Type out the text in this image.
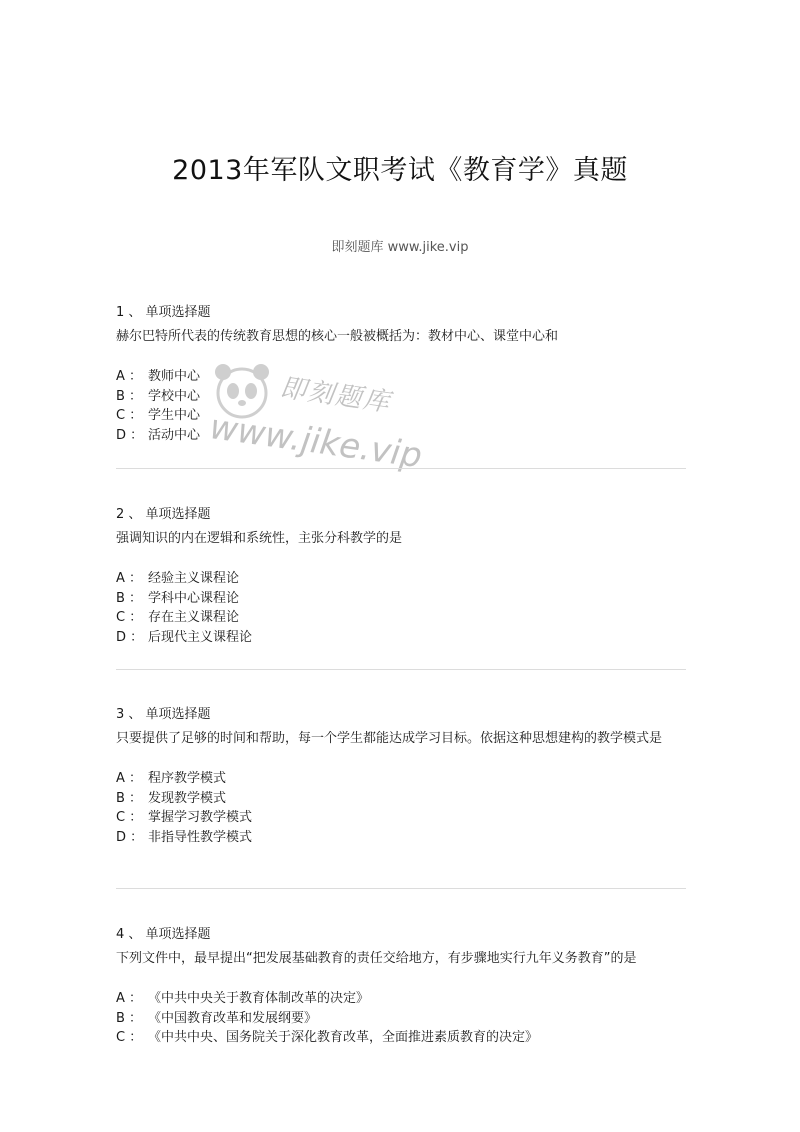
2013年军队文职考试《教育学》真题
即刻题库 www.jike.vip
即刻题库
www.jike.vip
1 、 单项选择题
赫尔巴特所代表的传统教育思想的核心一般被概括为：教材中心、课堂中心和
A ： 教师中心
B ： 学校中心
C ： 学生中心
D ： 活动中心
2 、 单项选择题
强调知识的内在逻辑和系统性，主张分科教学的是
A ： 经验主义课程论
B ： 学科中心课程论
C ： 存在主义课程论
D ： 后现代主义课程论
3 、 单项选择题
只要提供了足够的时间和帮助，每一个学生都能达成学习目标。依据这种思想建构的教学模式是
A ： 程序教学模式
B ： 发现教学模式
C ： 掌握学习教学模式
D ： 非指导性教学模式
4 、 单项选择题
下列文件中，最早提出“把发展基础教育的责任交给地方，有步骤地实行九年义务教育”的是
A ： 《中共中央关于教育体制改革的决定》
B ： 《中国教育改革和发展纲要》
C ： 《中共中央、国务院关于深化教育改革，全面推进素质教育的决定》
